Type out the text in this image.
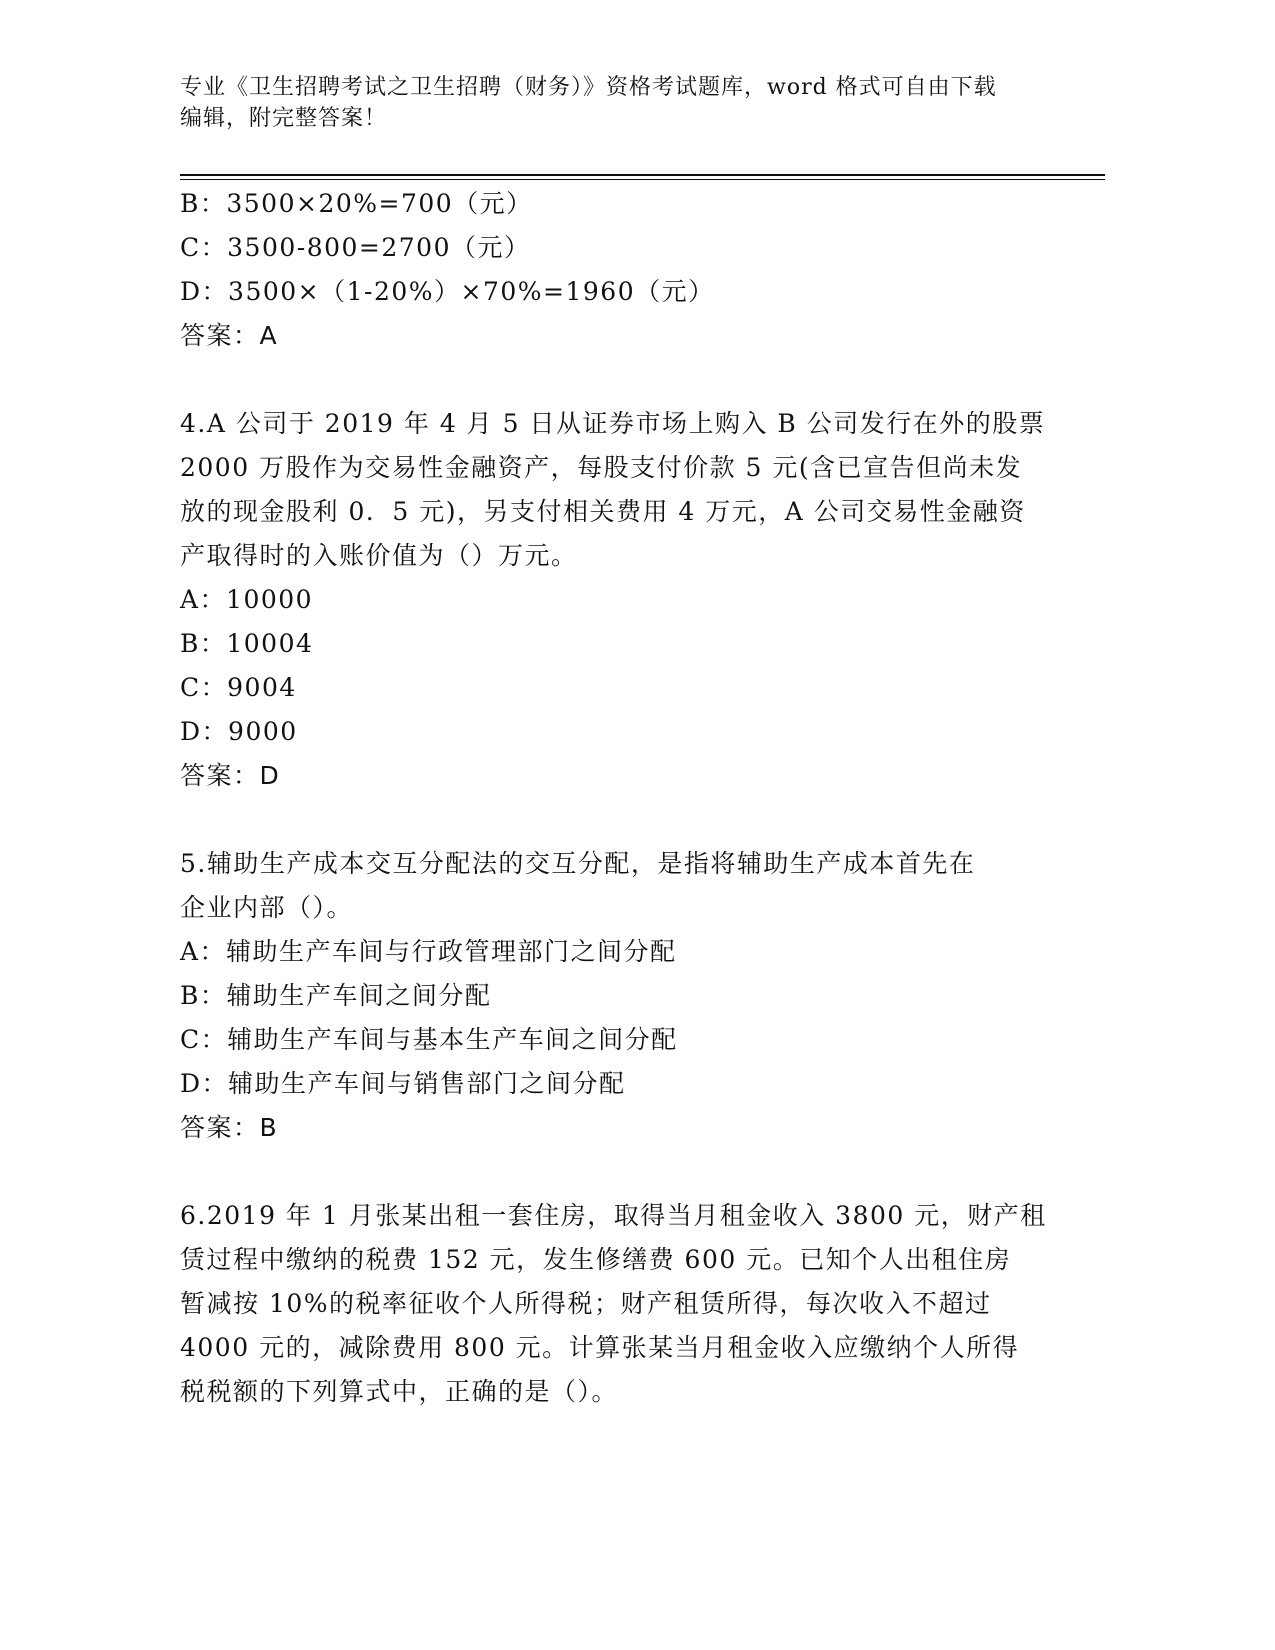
专业《卫生招聘考试之卫生招聘（财务）》资格考试题库，word 格式可自由下载
编辑，附完整答案！
B：3500×20%=700（元）
C：3500-800=2700（元）
D：3500×（1-20%）×70%=1960（元）
答案：A
4.A 公司于 2019 年 4 月 5 日从证券市场上购入 B 公司发行在外的股票
2000 万股作为交易性金融资产，每股支付价款 5 元(含已宣告但尚未发
放的现金股利 0．5 元)，另支付相关费用 4 万元，A 公司交易性金融资
产取得时的入账价值为（）万元。
A：10000
B：10004
C：9004
D：9000
答案：D
5.辅助生产成本交互分配法的交互分配，是指将辅助生产成本首先在
企业内部（）。
A：辅助生产车间与行政管理部门之间分配
B：辅助生产车间之间分配
C：辅助生产车间与基本生产车间之间分配
D：辅助生产车间与销售部门之间分配
答案：B
6.2019 年 1 月张某出租一套住房，取得当月租金收入 3800 元，财产租
赁过程中缴纳的税费 152 元，发生修缮费 600 元。已知个人出租住房
暂减按 10%的税率征收个人所得税；财产租赁所得，每次收入不超过
4000 元的，减除费用 800 元。计算张某当月租金收入应缴纳个人所得
税税额的下列算式中，正确的是（）。
